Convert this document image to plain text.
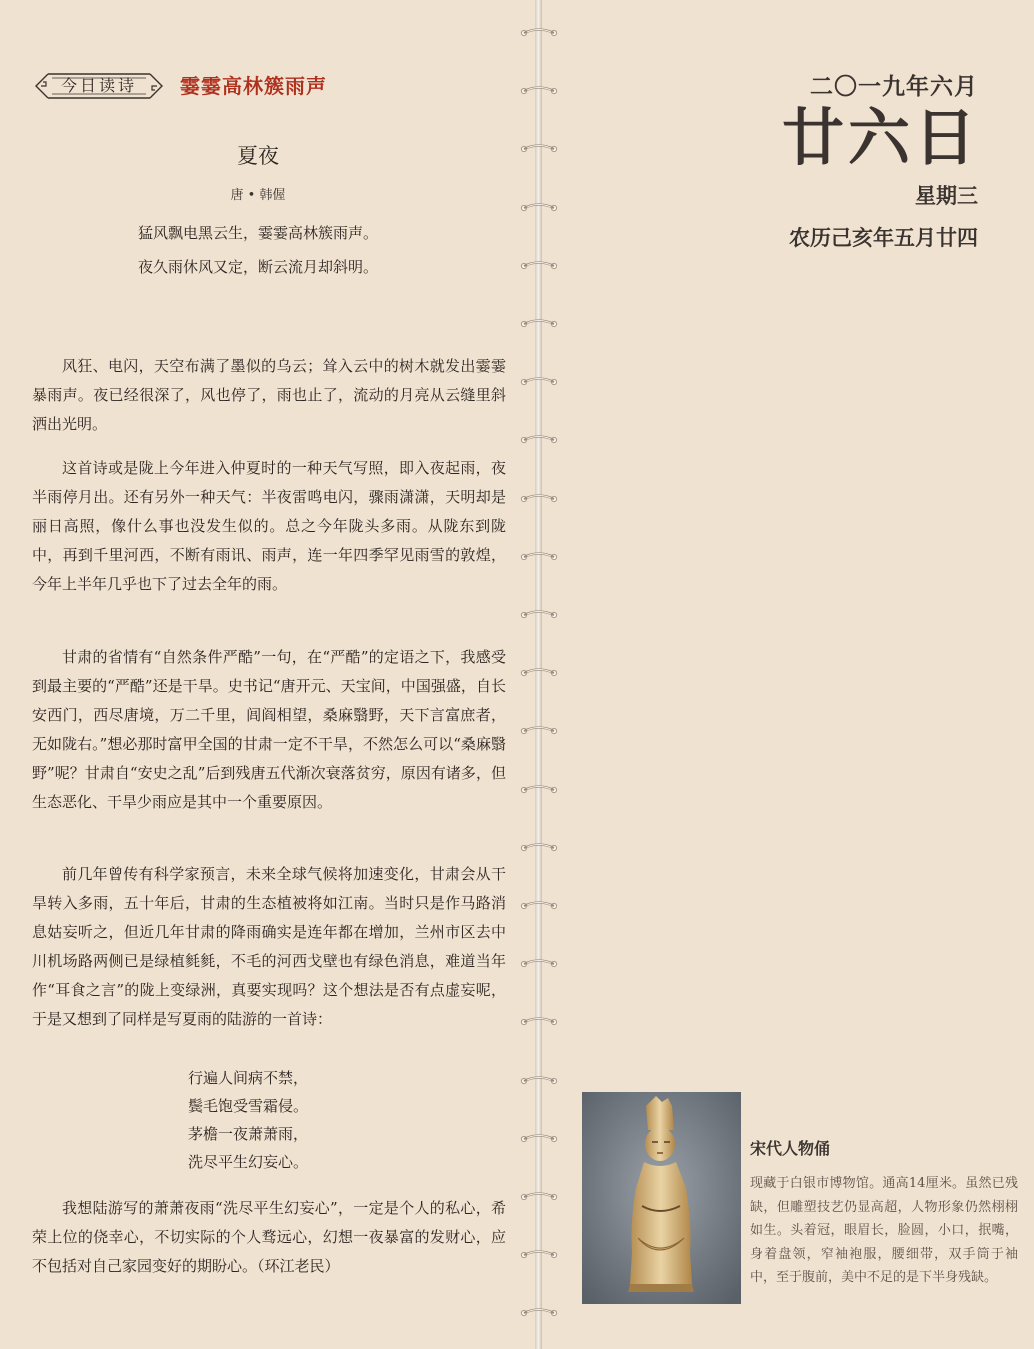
今日读诗	霎霎高林簇雨声
夏夜
唐 • 韩偓
猛风飘电黑云生，霎霎高林簇雨声。
夜久雨休风又定，断云流月却斜明。

风狂、电闪，天空布满了墨似的乌云；耸入云中的树木就发出霎霎暴雨声。夜已经很深了，风也停了，雨也止了，流动的月亮从云缝里斜洒出光明。

这首诗或是陇上今年进入仲夏时的一种天气写照，即入夜起雨，夜半雨停月出。还有另外一种天气：半夜雷鸣电闪，骤雨潇潇，天明却是丽日高照，像什么事也没发生似的。总之今年陇头多雨。从陇东到陇中，再到千里河西，不断有雨讯、雨声，连一年四季罕见雨雪的敦煌，今年上半年几乎也下了过去全年的雨。

甘肃的省情有“自然条件严酷”一句，在“严酷”的定语之下，我感受到最主要的“严酷”还是干旱。史书记“唐开元、天宝间，中国强盛，自长安西门，西尽唐境，万二千里，闾阎相望，桑麻翳野，天下言富庶者，无如陇右。”想必那时富甲全国的甘肃一定不干旱，不然怎么可以“桑麻翳野”呢？甘肃自“安史之乱”后到残唐五代渐次衰落贫穷，原因有诸多，但生态恶化、干旱少雨应是其中一个重要原因。

前几年曾传有科学家预言，未来全球气候将加速变化，甘肃会从干旱转入多雨，五十年后，甘肃的生态植被将如江南。当时只是作马路消息姑妄听之，但近几年甘肃的降雨确实是连年都在增加，兰州市区去中川机场路两侧已是绿植毵毵，不毛的河西戈壁也有绿色消息，难道当年作“耳食之言”的陇上变绿洲，真要实现吗？这个想法是否有点虚妄呢，于是又想到了同样是写夏雨的陆游的一首诗：

行遍人间病不禁，

鬓毛饱受雪霜侵。

茅檐一夜萧萧雨，

洗尽平生幻妄心。

我想陆游写的萧萧夜雨“洗尽平生幻妄心”，一定是个人的私心，希荣上位的侥幸心，不切实际的个人骛远心，幻想一夜暴富的发财心，应不包括对自己家园变好的期盼心。（环江老民）

二〇一九年六月
廿六日
星期三
农历己亥年五月廿四
宋代人物俑

现藏于白银市博物馆。通高14厘米。虽然已残缺，但雕塑技艺仍显高超，人物形象仍然栩栩如生。头着冠，眼眉长，脸圆，小口，抿嘴，身着盘领，窄袖袍服，腰细带，双手筒于袖中，至于腹前，美中不足的是下半身残缺。
